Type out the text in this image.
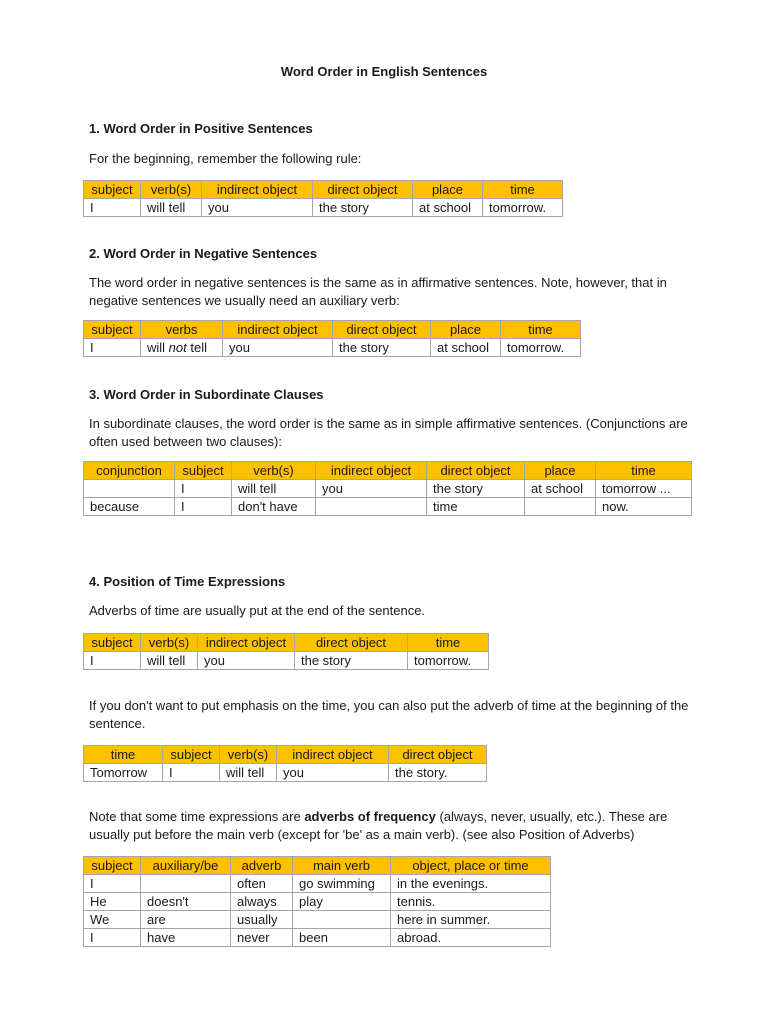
Word Order in English Sentences
1. Word Order in Positive Sentences
For the beginning, remember the following rule:
subject	verb(s)	indirect object	direct object	place	time
I	will tell	you	the story	at school	tomorrow.
2. Word Order in Negative Sentences
The word order in negative sentences is the same as in affirmative sentences. Note, however, that in negative sentences we usually need an auxiliary verb:
subject	verbs	indirect object	direct object	place	time
I	will not tell	you	the story	at school	tomorrow.
3. Word Order in Subordinate Clauses
In subordinate clauses, the word order is the same as in simple affirmative sentences. (Conjunctions are often used between two clauses):
conjunction	subject	verb(s)	indirect object	direct object	place	time
	I	will tell	you	the story	at school	tomorrow ...
because	I	don't have		time		now.
4. Position of Time Expressions
Adverbs of time are usually put at the end of the sentence.
subject	verb(s)	indirect object	direct object	time
I	will tell	you	the story	tomorrow.
If you don't want to put emphasis on the time, you can also put the adverb of time at the beginning of the sentence.
time	subject	verb(s)	indirect object	direct object
Tomorrow	I	will tell	you	the story.
Note that some time expressions are adverbs of frequency (always, never, usually, etc.). These are usually put before the main verb (except for 'be' as a main verb). (see also Position of Adverbs)
subject	auxiliary/be	adverb	main verb	object, place or time
I		often	go swimming	in the evenings.
He	doesn't	always	play	tennis.
We	are	usually		here in summer.
I	have	never	been	abroad.
